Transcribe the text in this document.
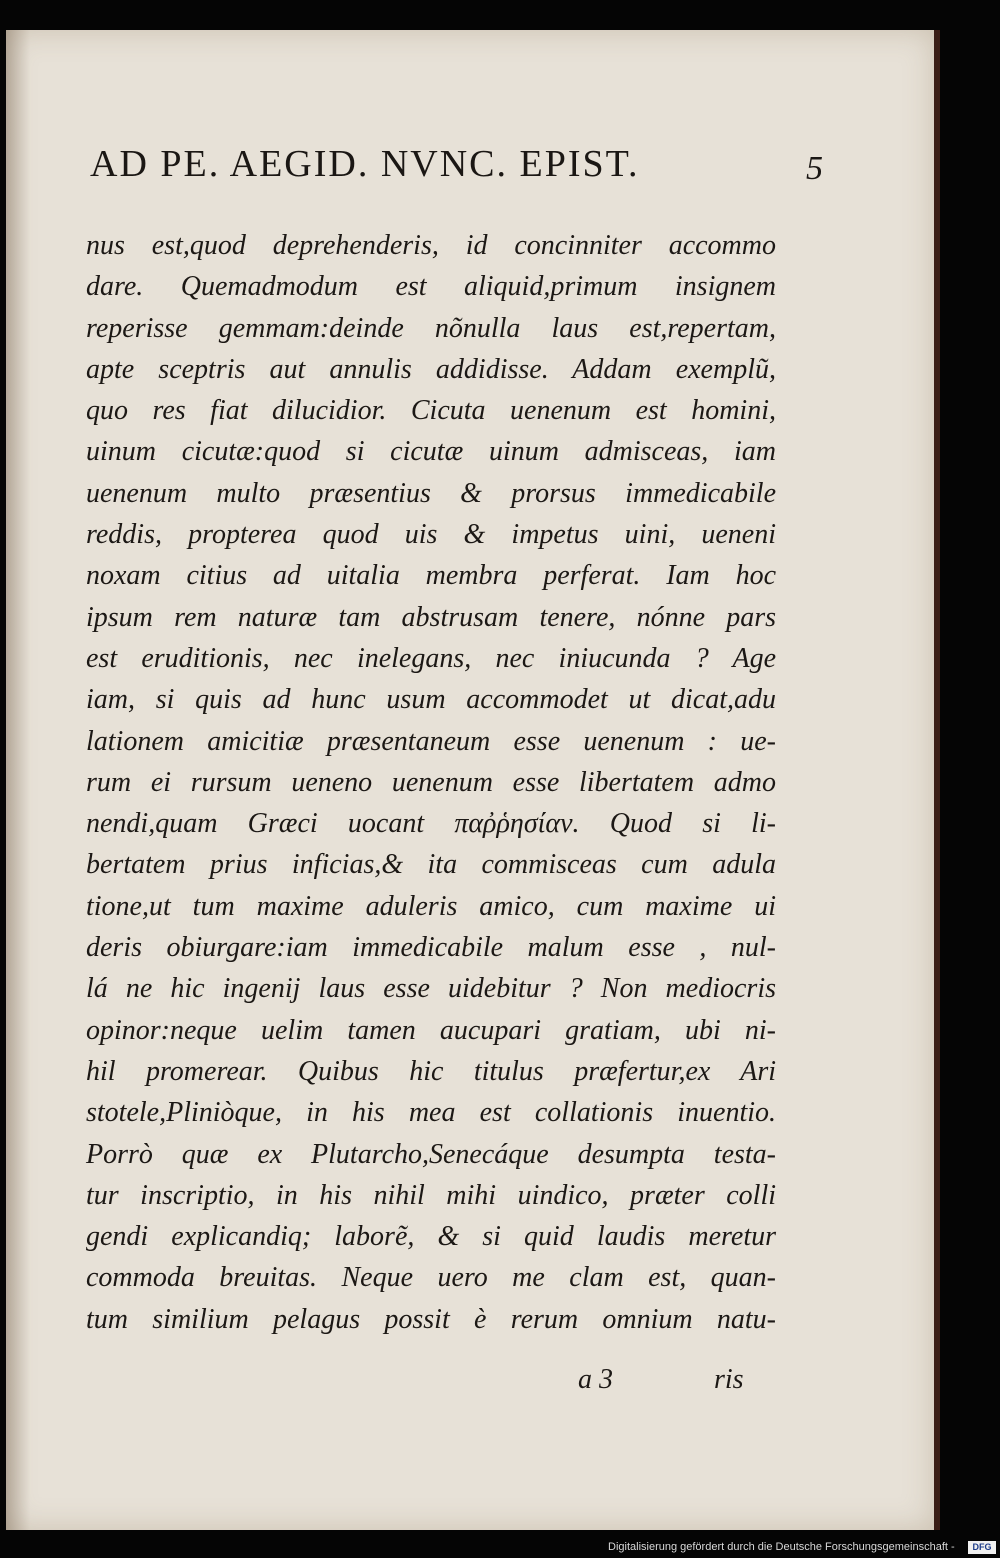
AD PE. AEGID. NVNC. EPIST.	5
nus est,quod deprehenderis, id concinniter accommo
dare. Quemadmodum est aliquid,primum insignem
reperisse gemmam:deinde nõnulla laus est,repertam,
apte sceptris aut annulis addidisse. Addam exemplũ,
quo res fiat dilucidior. Cicuta uenenum est homini,
uinum cicutæ:quod si cicutæ uinum admisceas, iam
uenenum multo præsentius & prorsus immedicabile
reddis, propterea quod uis & impetus uini, ueneni
noxam citius ad uitalia membra perferat. Iam hoc
ipsum rem naturæ tam abstrusam tenere, nónne pars
est eruditionis, nec inelegans, nec iniucunda ? Age
iam, si quis ad hunc usum accommodet ut dicat,adu
lationem amicitiæ præsentaneum esse uenenum : ue-
rum ei rursum ueneno uenenum esse libertatem admo
nendi,quam Græci uocant παῤῥησίαν. Quod si li-
bertatem prius inficias,& ita commisceas cum adula
tione,ut tum maxime aduleris amico, cum maxime ui
deris obiurgare:iam immedicabile malum esse , nul-
lá ne hic ingenij laus esse uidebitur ? Non mediocris
opinor:neque uelim tamen aucupari gratiam, ubi ni-
hil promerear. Quibus hic titulus præfertur,ex Ari
stotele,Pliniòque, in his mea est collationis inuentio.
Porrò quæ ex Plutarcho,Senecáque desumpta testa-
tur inscriptio, in his nihil mihi uindico, præter colli
gendi explicandiq; laborẽ, & si quid laudis meretur
commoda breuitas. Neque uero me clam est, quan-
tum similium pelagus possit è rerum omnium natu-
a 3	ris
Digitalisierung gefördert durch die Deutsche Forschungsgemeinschaft -	DFG
